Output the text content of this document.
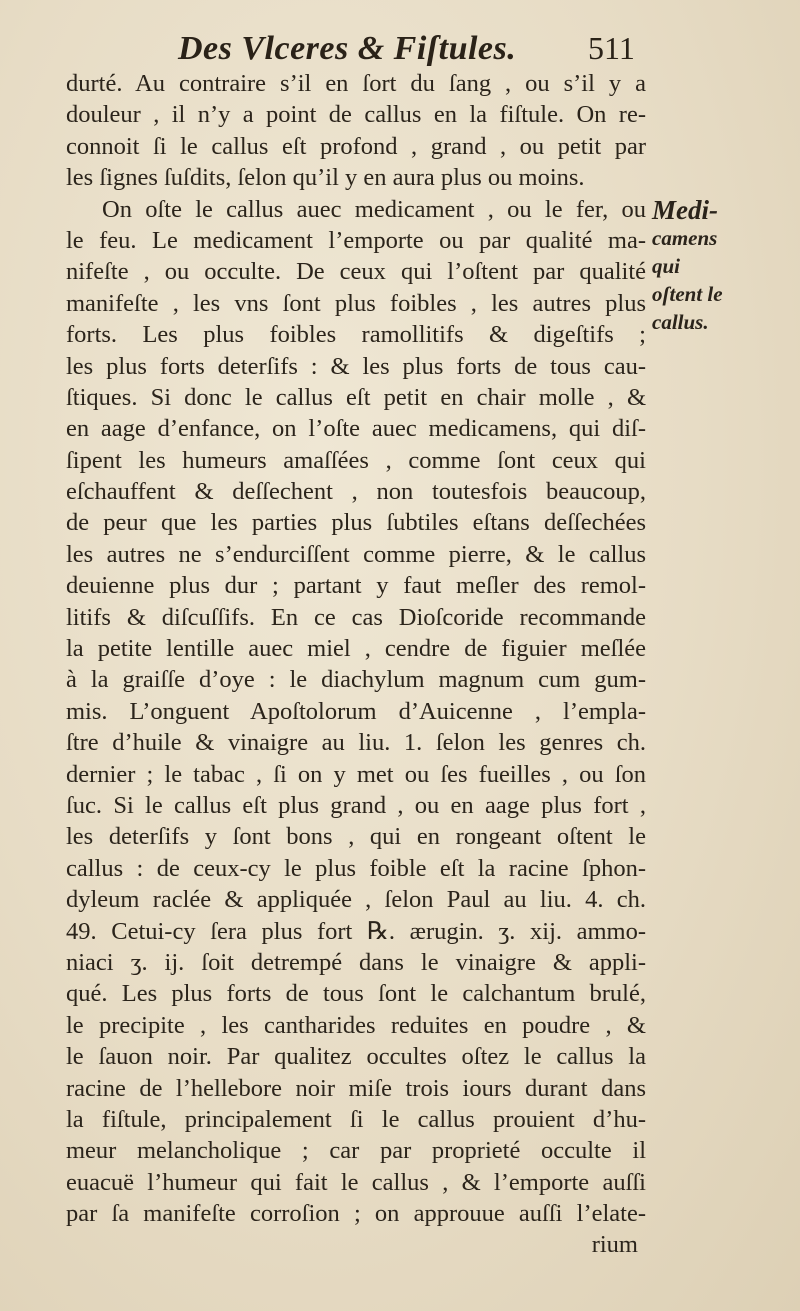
Des Vlceres & Fiſtules. 511
durté. Au contraire s’il en ſort du ſang , ou s’il y a
douleur , il n’y a point de callus en la fiſtule. On re-
connoit ſi le callus eſt profond , grand , ou petit par
les ſignes ſuſdits, ſelon qu’il y en aura plus ou moins.
On oſte le callus auec medicament , ou le fer, ou
le feu. Le medicament l’emporte ou par qualité ma-
nifeſte , ou occulte. De ceux qui l’oſtent par qualité
manifeſte , les vns ſont plus foibles , les autres plus
forts. Les plus foibles ramollitifs & digeſtifs ;
les plus forts deterſifs : & les plus forts de tous cau-
ſtiques. Si donc le callus eſt petit en chair molle , &
en aage d’enfance, on l’oſte auec medicamens, qui diſ-
ſipent les humeurs amaſſées , comme ſont ceux qui
eſchauffent & deſſechent , non toutesfois beaucoup,
de peur que les parties plus ſubtiles eſtans deſſechées
les autres ne s’endurciſſent comme pierre, & le callus
deuienne plus dur ; partant y faut meſler des remol-
litifs & diſcuſſifs. En ce cas Dioſcoride recommande
la petite lentille auec miel , cendre de figuier meſlée
à la graiſſe d’oye : le diachylum magnum cum gum-
mis. L’onguent Apoſtolorum d’Auicenne , l’empla-
ſtre d’huile & vinaigre au liu. 1. ſelon les genres ch.
dernier ; le tabac , ſi on y met ou ſes fueilles , ou ſon
ſuc. Si le callus eſt plus grand , ou en aage plus fort ,
les deterſifs y ſont bons , qui en rongeant oſtent le
callus : de ceux-cy le plus foible eſt la racine ſphon-
dyleum raclée & appliquée , ſelon Paul au liu. 4. ch.
49. Cetui-cy ſera plus fort ℞. ærugin. ʒ. xij. ammo-
niaci ʒ. ij. ſoit detrempé dans le vinaigre & appli-
qué. Les plus forts de tous ſont le calchantum brulé,
le precipite , les cantharides reduites en poudre , &
le ſauon noir. Par qualitez occultes oſtez le callus la
racine de l’hellebore noir miſe trois iours durant dans
la fiſtule, principalement ſi le callus prouient d’hu-
meur melancholique ; car par proprieté occulte il
euacuë l’humeur qui fait le callus , & l’emporte auſſi
par ſa manifeſte corroſion ; on approuue auſſi l’elate-
rium
Medi-
camens
qui
oſtent le
callus.
